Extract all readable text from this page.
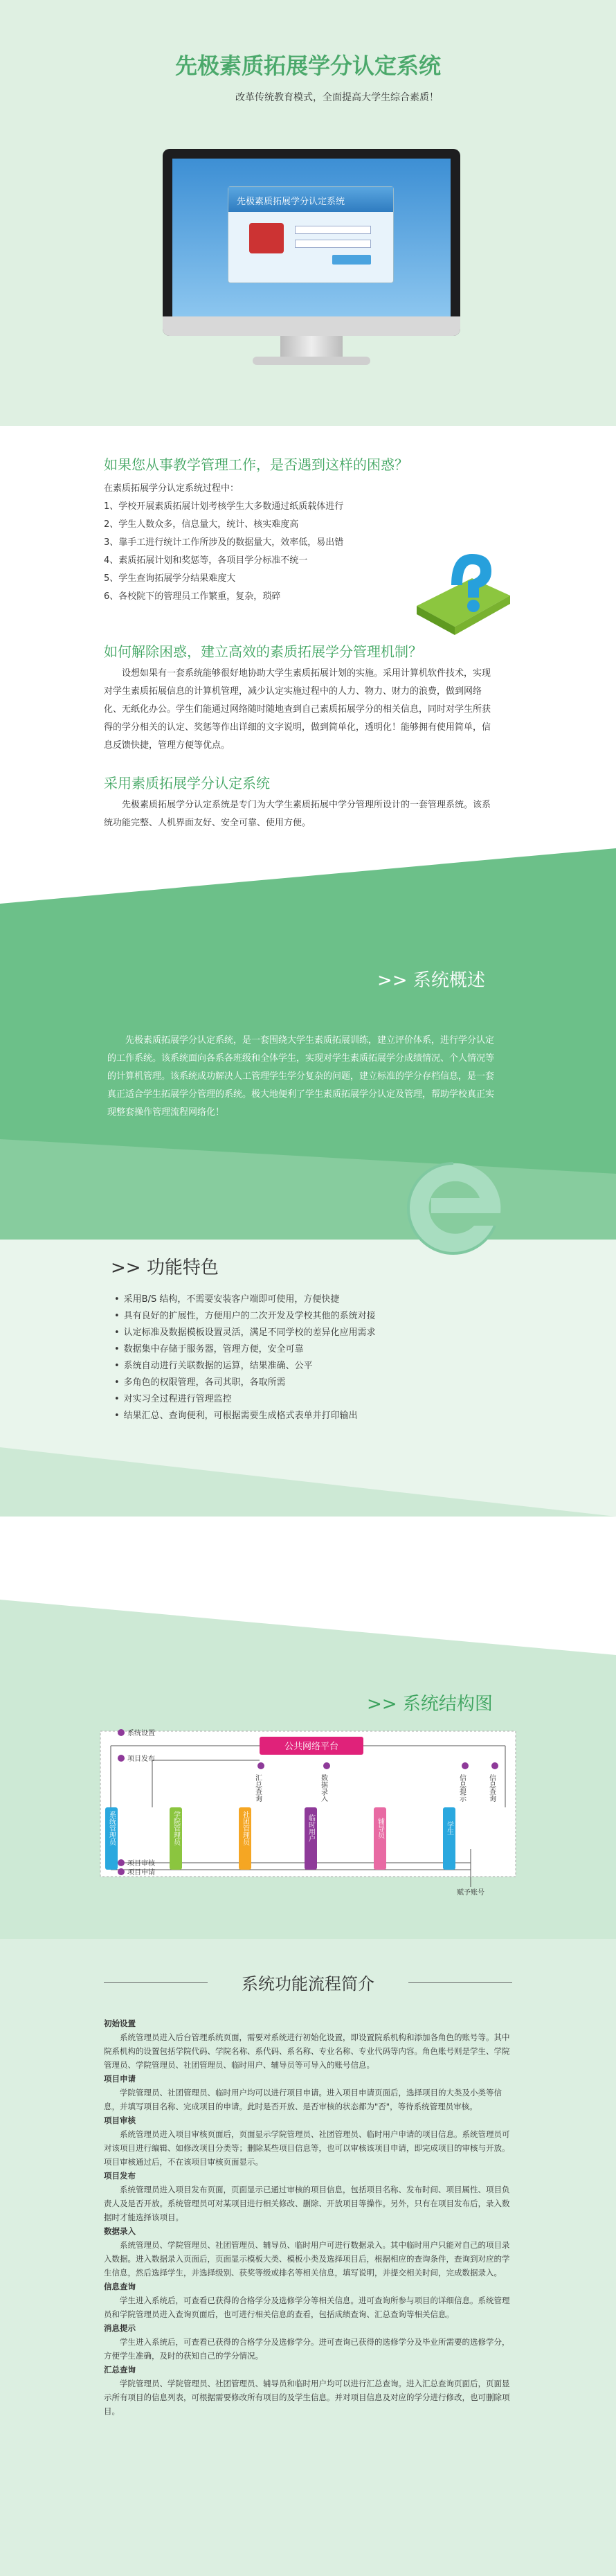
先极素质拓展学分认定系统
改革传统教育模式，全面提高大学生综合素质！
先极素质拓展学分认定系统
如果您从事教学管理工作，是否遇到这样的困惑？
在素质拓展学分认定系统过程中：
1、学校开展素质拓展计划考核学生大多数通过纸质载体进行
2、学生人数众多，信息量大，统计、核实难度高
3、靠手工进行统计工作所涉及的数据量大，效率低，易出错
4、素质拓展计划和奖惩等，各项目学分标准不统一
5、学生查询拓展学分结果难度大
6、各校院下的管理员工作繁重，复杂，琐碎
如何解除困惑，建立高效的素质拓展学分管理机制？
设想如果有一套系统能够很好地协助大学生素质拓展计划的实施。采用计算机软件技术，实现对学生素质拓展信息的计算机管理，减少认定实施过程中的人力、物力、财力的浪费，做到网络化、无纸化办公。学生们能通过网络随时随地查到自己素质拓展学分的相关信息，同时对学生所获得的学分相关的认定、奖惩等作出详细的文字说明，做到简单化，透明化！能够拥有使用简单，信息反馈快捷，管理方便等优点。
采用素质拓展学分认定系统
先极素质拓展学分认定系统是专门为大学生素质拓展中学分管理所设计的一套管理系统。该系统功能完整、人机界面友好、安全可靠、使用方便。
>> 系统概述
先极素质拓展学分认定系统，是一套围绕大学生素质拓展训练，建立评价体系，进行学分认定的工作系统。该系统面向各系各班级和全体学生，实现对学生素质拓展学分成绩情况、个人情况等的计算机管理。该系统成功解决人工管理学生学分复杂的问题，建立标准的学分存档信息，是一套真正适合学生拓展学分管理的系统。极大地便利了学生素质拓展学分认定及管理，帮助学校真正实现整套操作管理流程网络化！
>> 功能特色
• 采用B/S 结构，不需要安装客户端即可使用，方便快捷
• 具有良好的扩展性，方便用户的二次开发及学校其他的系统对接
• 认定标准及数据模板设置灵活，满足不同学校的差异化应用需求
• 数据集中存储于服务器，管理方便，安全可靠
• 系统自动进行关联数据的运算，结果准确、公平
• 多角色的权限管理，各司其职，各取所需
• 对实习全过程进行管理监控
• 结果汇总、查询便利，可根据需要生成格式表单并打印输出
>> 系统结构图
公共网络平台
系统管理员	学院管理员	社团管理员	临时用户	辅导员	学生
系统设置
项目发布
项目审核
项目申请
汇总查询	数据录入	信息提示	信息查询
赋予账号
系统功能流程简介
初始设置
系统管理员进入后台管理系统页面，需要对系统进行初始化设置，即设置院系机构和添加各角色的账号等。其中院系机构的设置包括学院代码、学院名称、系代码、系名称、专业名称、专业代码等内容。角色账号则是学生、学院管理员、学院管理员、社团管理员、临时用户、辅导员等可导入的账号信息。
项目申请
学院管理员、社团管理员、临时用户均可以进行项目申请。进入项目申请页面后，选择项目的大类及小类等信息，并填写项目名称、完成项目的申请。此时是否开放、是否审核的状态都为"否"，等待系统管理员审核。
项目审核
系统管理员进入项目审核页面后，页面显示学院管理员、社团管理员、临时用户申请的项目信息。系统管理员可对该项目进行编辑、如修改项目分类等；删除某些项目信息等，也可以审核该项目申请，即完成项目的审核与开放。项目审核通过后，不在该项目审核页面显示。
项目发布
系统管理员进入项目发布页面，页面显示已通过审核的项目信息，包括项目名称、发布时间、项目属性、项目负责人及是否开放。系统管理员可对某项目进行相关修改、删除、开放项目等操作。另外，只有在项目发布后，录入数据时才能选择该项目。
数据录入
系统管理员、学院管理员、社团管理员、辅导员、临时用户可进行数据录入。其中临时用户只能对自己的项目录入数据。进入数据录入页面后，页面显示模板大类、模板小类及选择项目后，根据相应的查询条件，查询到对应的学生信息，然后选择学生，并选择级别、获奖等级或排名等相关信息，填写说明，并提交相关时间，完成数据录入。
信息查询
学生进入系统后，可查看已获得的合格学分及选修学分等相关信息。进可查询所参与项目的详细信息。系统管理员和学院管理员进入查询页面后，也可进行相关信息的查看，包括成绩查询、汇总查询等相关信息。
消息提示
学生进入系统后，可查看已获得的合格学分及选修学分。进可查询已获得的选修学分及毕业所需要的选修学分，方便学生准确，及时的获知自己的学分情况。
汇总查询
学院管理员、学院管理员、社团管理员、辅导员和临时用户均可以进行汇总查询。进入汇总查询页面后，页面显示所有项目的信息列表，可根据需要修改所有项目的及学生信息。并对项目信息及对应的学分进行修改，也可删除项目。
